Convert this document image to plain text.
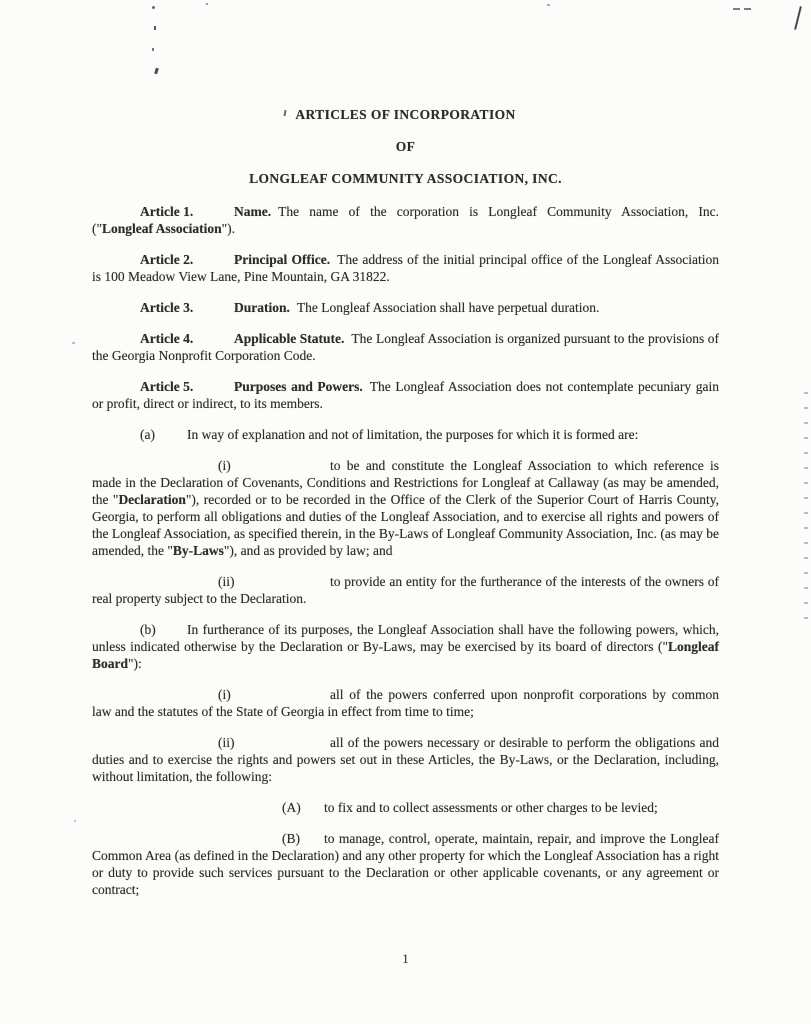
ARTICLES OF INCORPORATION
OF
LONGLEAF COMMUNITY ASSOCIATION, INC.

Article 1.	Name. The name of the corporation is Longleaf Community Association, Inc. ("Longleaf Association").

Article 2.	Principal Office. The address of the initial principal office of the Longleaf Association is 100 Meadow View Lane, Pine Mountain, GA 31822.

Article 3.	Duration. The Longleaf Association shall have perpetual duration.

Article 4.	Applicable Statute. The Longleaf Association is organized pursuant to the provisions of the Georgia Nonprofit Corporation Code.

Article 5.	Purposes and Powers. The Longleaf Association does not contemplate pecuniary gain or profit, direct or indirect, to its members.

(a) In way of explanation and not of limitation, the purposes for which it is formed are:

(i)	to be and constitute the Longleaf Association to which reference is made in the Declaration of Covenants, Conditions and Restrictions for Longleaf at Callaway (as may be amended, the "Declaration"), recorded or to be recorded in the Office of the Clerk of the Superior Court of Harris County, Georgia, to perform all obligations and duties of the Longleaf Association, and to exercise all rights and powers of the Longleaf Association, as specified therein, in the By-Laws of Longleaf Community Association, Inc. (as may be amended, the "By-Laws"), and as provided by law; and

(ii)	to provide an entity for the furtherance of the interests of the owners of real property subject to the Declaration.

(b) In furtherance of its purposes, the Longleaf Association shall have the following powers, which, unless indicated otherwise by the Declaration or By-Laws, may be exercised by its board of directors ("Longleaf Board"):

(i)	all of the powers conferred upon nonprofit corporations by common law and the statutes of the State of Georgia in effect from time to time;

(ii)	all of the powers necessary or desirable to perform the obligations and duties and to exercise the rights and powers set out in these Articles, the By-Laws, or the Declaration, including, without limitation, the following:

(A) to fix and to collect assessments or other charges to be levied;

(B) to manage, control, operate, maintain, repair, and improve the Longleaf Common Area (as defined in the Declaration) and any other property for which the Longleaf Association has a right or duty to provide such services pursuant to the Declaration or other applicable covenants, or any agreement or contract;

1
